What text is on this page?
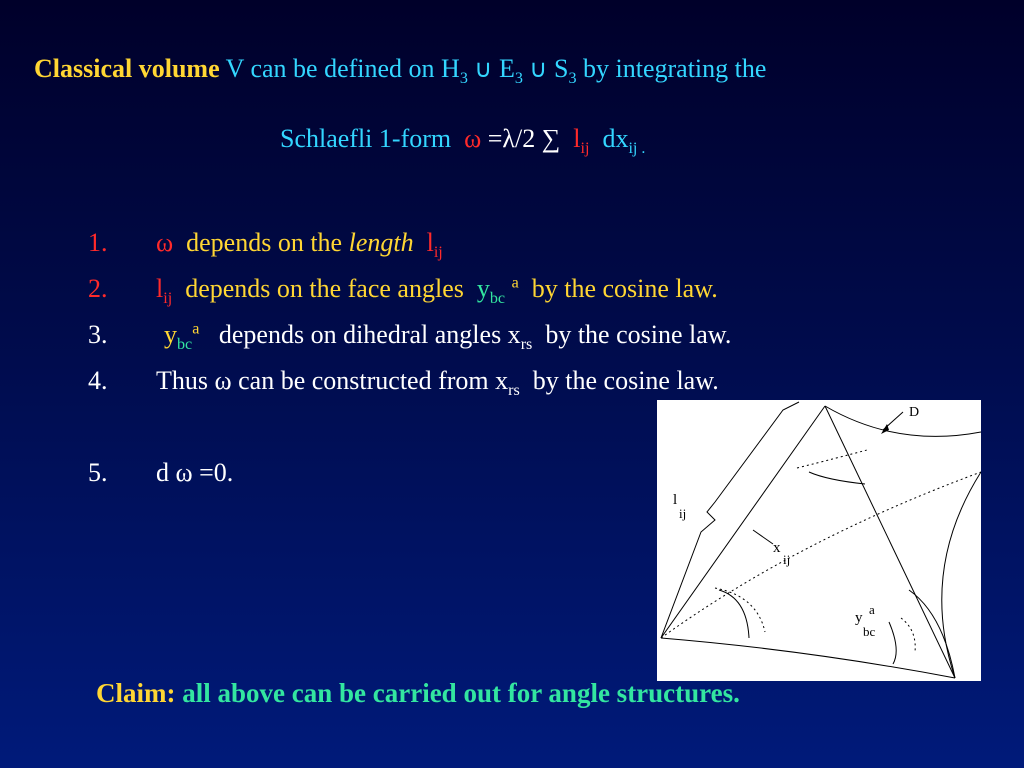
Classical volume V can be defined on $H_3$ ∪ $E_3$ ∪ $S_3$ by integrating the
Schlaefli 1-form ω =λ/2 ∑ $l_{ij}$ $dx_{ij .}$
1. ω depends on the length $l_{ij}$
2. $l_{ij}$ depends on the face angles $y_{bc}$ $^a$ by the cosine law.
3. $y_{bc}^a$ depends on dihedral angles $x_{rs}$ by the cosine law.
4. Thus ω can be constructed from $x_{rs}$ by the cosine law.
5. d ω =0.
D
l
ij
x
ij
y
a
bc
Claim: all above can be carried out for angle structures.
